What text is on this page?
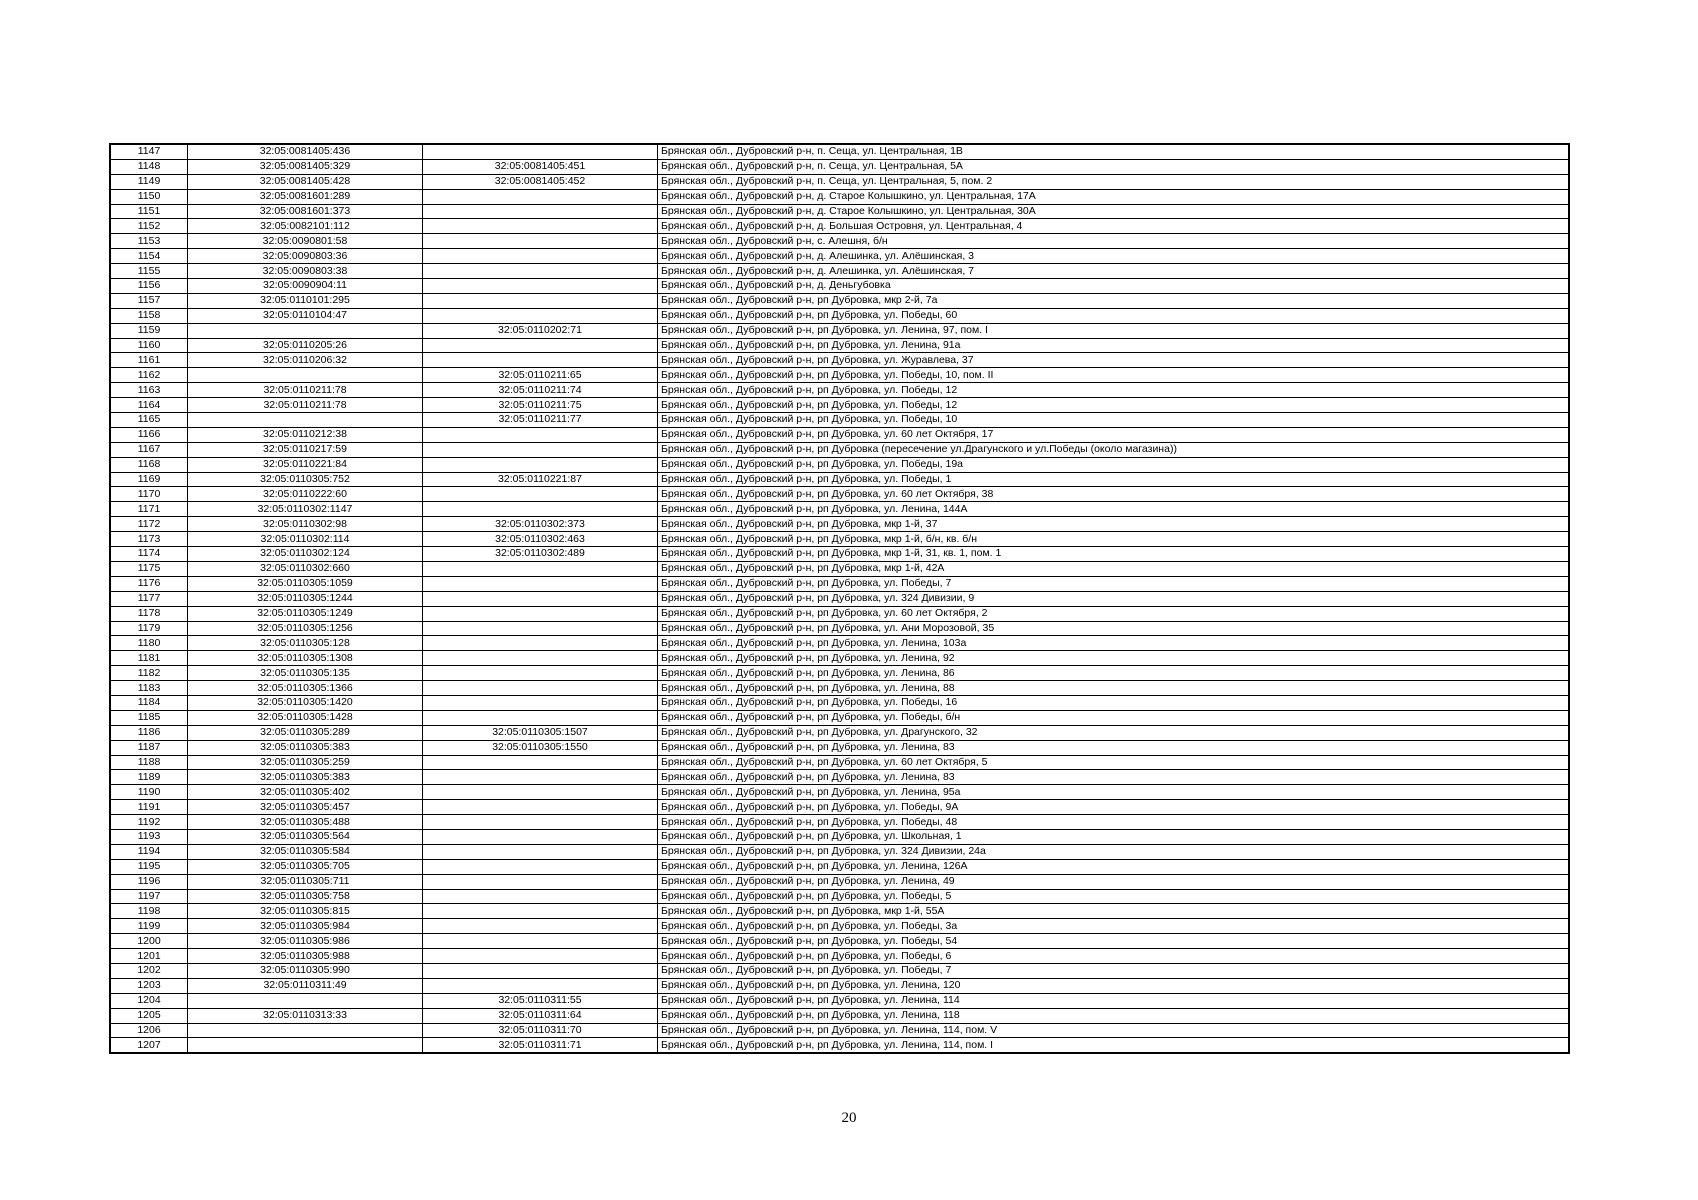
1147	32:05:0081405:436		Брянская обл., Дубровский р-н, п. Сеща, ул. Центральная, 1В
1148	32:05:0081405:329	32:05:0081405:451	Брянская обл., Дубровский р-н, п. Сеща, ул. Центральная, 5А
1149	32:05:0081405:428	32:05:0081405:452	Брянская обл., Дубровский р-н, п. Сеща, ул. Центральная, 5, пом. 2
1150	32:05:0081601:289		Брянская обл., Дубровский р-н, д. Старое Колышкино, ул. Центральная, 17А
1151	32:05:0081601:373		Брянская обл., Дубровский р-н, д. Старое Колышкино, ул. Центральная, 30А
1152	32:05:0082101:112		Брянская обл., Дубровский р-н, д. Большая Островня, ул. Центральная, 4
1153	32:05:0090801:58		Брянская обл., Дубровский р-н, с. Алешня, б/н
1154	32:05:0090803:36		Брянская обл., Дубровский р-н, д. Алешинка, ул. Алёшинская, 3
1155	32:05:0090803:38		Брянская обл., Дубровский р-н, д. Алешинка, ул. Алёшинская, 7
1156	32:05:0090904:11		Брянская обл., Дубровский р-н, д. Деньгубовка
1157	32:05:0110101:295		Брянская обл., Дубровский р-н, рп Дубровка, мкр 2-й, 7а
1158	32:05:0110104:47		Брянская обл., Дубровский р-н, рп Дубровка, ул. Победы, 60
1159		32:05:0110202:71	Брянская обл., Дубровский р-н, рп Дубровка, ул. Ленина, 97, пом. I
1160	32:05:0110205:26		Брянская обл., Дубровский р-н, рп Дубровка, ул. Ленина, 91а
1161	32:05:0110206:32		Брянская обл., Дубровский р-н, рп Дубровка, ул. Журавлева, 37
1162		32:05:0110211:65	Брянская обл., Дубровский р-н, рп Дубровка, ул. Победы, 10, пом. II
1163	32:05:0110211:78	32:05:0110211:74	Брянская обл., Дубровский р-н, рп Дубровка, ул. Победы, 12
1164	32:05:0110211:78	32:05:0110211:75	Брянская обл., Дубровский р-н, рп Дубровка, ул. Победы, 12
1165		32:05:0110211:77	Брянская обл., Дубровский р-н, рп Дубровка, ул. Победы, 10
1166	32:05:0110212:38		Брянская обл., Дубровский р-н, рп Дубровка, ул. 60 лет Октября, 17
1167	32:05:0110217:59		Брянская обл., Дубровский р-н, рп Дубровка (пересечение ул.Драгунского и ул.Победы (около магазина))
1168	32:05:0110221:84		Брянская обл., Дубровский р-н, рп Дубровка, ул. Победы, 19а
1169	32:05:0110305:752	32:05:0110221:87	Брянская обл., Дубровский р-н, рп Дубровка, ул. Победы, 1
1170	32:05:0110222:60		Брянская обл., Дубровский р-н, рп Дубровка, ул. 60 лет Октября, 38
1171	32:05:0110302:1147		Брянская обл., Дубровский р-н, рп Дубровка, ул. Ленина, 144А
1172	32:05:0110302:98	32:05:0110302:373	Брянская обл., Дубровский р-н, рп Дубровка, мкр 1-й, 37
1173	32:05:0110302:114	32:05:0110302:463	Брянская обл., Дубровский р-н, рп Дубровка, мкр 1-й, б/н, кв. б/н
1174	32:05:0110302:124	32:05:0110302:489	Брянская обл., Дубровский р-н, рп Дубровка, мкр 1-й, 31, кв. 1, пом. 1
1175	32:05:0110302:660		Брянская обл., Дубровский р-н, рп Дубровка, мкр 1-й, 42А
1176	32:05:0110305:1059		Брянская обл., Дубровский р-н, рп Дубровка, ул. Победы, 7
1177	32:05:0110305:1244		Брянская обл., Дубровский р-н, рп Дубровка, ул. 324 Дивизии, 9
1178	32:05:0110305:1249		Брянская обл., Дубровский р-н, рп Дубровка, ул. 60 лет Октября, 2
1179	32:05:0110305:1256		Брянская обл., Дубровский р-н, рп Дубровка, ул. Ани Морозовой, 35
1180	32:05:0110305:128		Брянская обл., Дубровский р-н, рп Дубровка, ул. Ленина, 103а
1181	32:05:0110305:1308		Брянская обл., Дубровский р-н, рп Дубровка, ул. Ленина, 92
1182	32:05:0110305:135		Брянская обл., Дубровский р-н, рп Дубровка, ул. Ленина, 86
1183	32:05:0110305:1366		Брянская обл., Дубровский р-н, рп Дубровка, ул. Ленина, 88
1184	32:05:0110305:1420		Брянская обл., Дубровский р-н, рп Дубровка, ул. Победы, 16
1185	32:05:0110305:1428		Брянская обл., Дубровский р-н, рп Дубровка, ул. Победы, б/н
1186	32:05:0110305:289	32:05:0110305:1507	Брянская обл., Дубровский р-н, рп Дубровка, ул. Драгунского, 32
1187	32:05:0110305:383	32:05:0110305:1550	Брянская обл., Дубровский р-н, рп Дубровка, ул. Ленина, 83
1188	32:05:0110305:259		Брянская обл., Дубровский р-н, рп Дубровка, ул. 60 лет Октября, 5
1189	32:05:0110305:383		Брянская обл., Дубровский р-н, рп Дубровка, ул. Ленина, 83
1190	32:05:0110305:402		Брянская обл., Дубровский р-н, рп Дубровка, ул. Ленина, 95а
1191	32:05:0110305:457		Брянская обл., Дубровский р-н, рп Дубровка, ул. Победы, 9А
1192	32:05:0110305:488		Брянская обл., Дубровский р-н, рп Дубровка, ул. Победы, 48
1193	32:05:0110305:564		Брянская обл., Дубровский р-н, рп Дубровка, ул. Школьная, 1
1194	32:05:0110305:584		Брянская обл., Дубровский р-н, рп Дубровка, ул. 324 Дивизии, 24а
1195	32:05:0110305:705		Брянская обл., Дубровский р-н, рп Дубровка, ул. Ленина, 126А
1196	32:05:0110305:711		Брянская обл., Дубровский р-н, рп Дубровка, ул. Ленина, 49
1197	32:05:0110305:758		Брянская обл., Дубровский р-н, рп Дубровка, ул. Победы, 5
1198	32:05:0110305:815		Брянская обл., Дубровский р-н, рп Дубровка, мкр 1-й, 55А
1199	32:05:0110305:984		Брянская обл., Дубровский р-н, рп Дубровка, ул. Победы, 3а
1200	32:05:0110305:986		Брянская обл., Дубровский р-н, рп Дубровка, ул. Победы, 54
1201	32:05:0110305:988		Брянская обл., Дубровский р-н, рп Дубровка, ул. Победы, 6
1202	32:05:0110305:990		Брянская обл., Дубровский р-н, рп Дубровка, ул. Победы, 7
1203	32:05:0110311:49		Брянская обл., Дубровский р-н, рп Дубровка, ул. Ленина, 120
1204		32:05:0110311:55	Брянская обл., Дубровский р-н, рп Дубровка, ул. Ленина, 114
1205	32:05:0110313:33	32:05:0110311:64	Брянская обл., Дубровский р-н, рп Дубровка, ул. Ленина, 118
1206		32:05:0110311:70	Брянская обл., Дубровский р-н, рп Дубровка, ул. Ленина, 114, пом. V
1207		32:05:0110311:71	Брянская обл., Дубровский р-н, рп Дубровка, ул. Ленина, 114, пом. I
20
